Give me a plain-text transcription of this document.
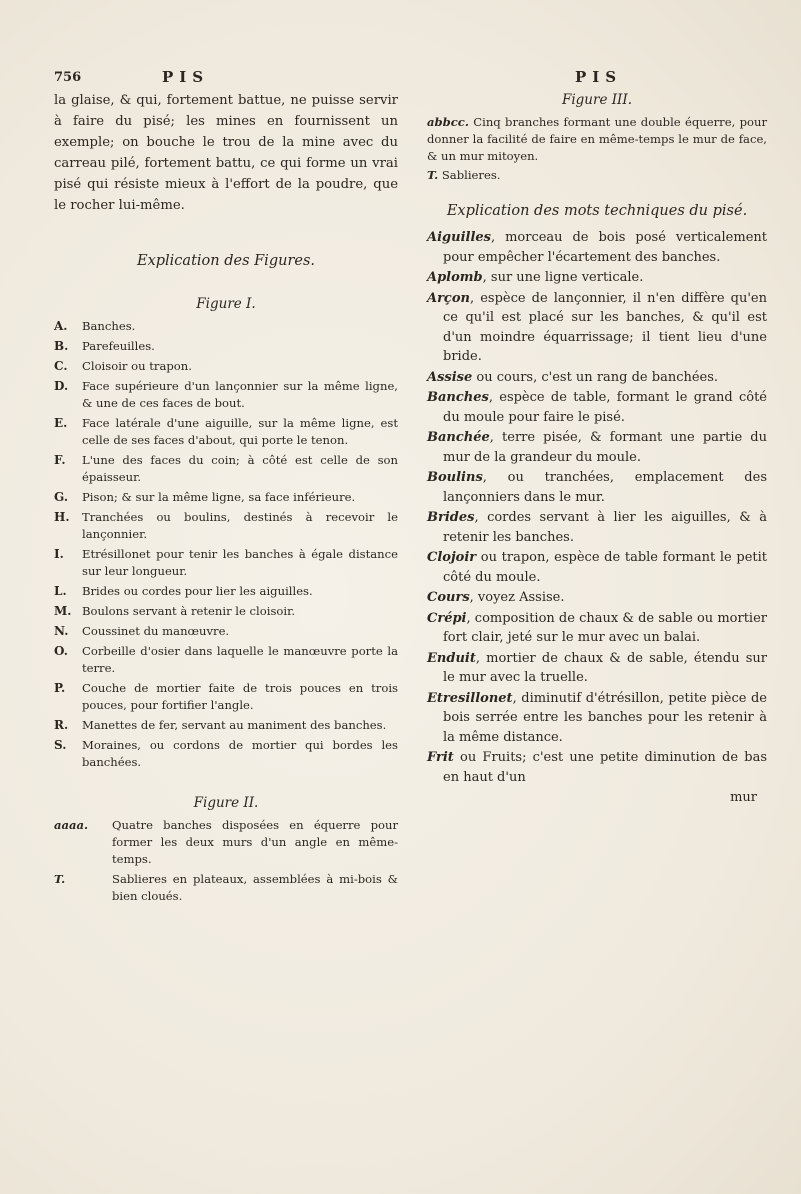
756	PIS	PIS

la glaise, & qui, fortement battue, ne puisse servir à faire du pisé; les mines en fournissent un exemple; on bouche le trou de la mine avec du carreau pilé, fortement battu, ce qui forme un vrai pisé qui résiste mieux à l'effort de la poudre, que le rocher lui-même.

Explication des Figures.
Figure I.
A.	Banches.
B.	Parefeuilles.
C.	Cloisoir ou trapon.
D.	Face supérieure d'un lançonnier sur la même ligne, & une de ces faces de bout.
E.	Face latérale d'une aiguille, sur la même ligne, est celle de ses faces d'about, qui porte le tenon.
F.	L'une des faces du coin; à côté est celle de son épaisseur.
G.	Pison; & sur la même ligne, sa face inférieure.
H.	Tranchées ou boulins, destinés à recevoir le lançonnier.
I.	Etrésillonet pour tenir les banches à égale distance sur leur longueur.
L.	Brides ou cordes pour lier les aiguilles.
M. Boulons servant à retenir le cloisoir.
N.	Coussinet du manœuvre.
O.	Corbeille d'osier dans laquelle le manœuvre porte la terre.
P.	Couche de mortier faite de trois pouces en trois pouces, pour fortifier l'angle.
R.	Manettes de fer, servant au maniment des banches.
S.	Moraines, ou cordons de mortier qui bordes les banchées.
Figure II.
aaaa.	Quatre banches disposées en équerre pour former les deux murs d'un angle en même-temps.
T.	Sablieres en plateaux, assemblées à mi-bois & bien cloués.
Figure III.
abbcc. Cinq branches formant une double équerre, pour donner la facilité de faire en même-temps le mur de face, & un mur mitoyen.
T. Sablieres.
Explication des mots techniques du pisé.
Aiguilles, morceau de bois posé verticalement pour empêcher l'écartement des banches.
Aplomb, sur une ligne verticale.
Arçon, espèce de lançonnier, il n'en diffère qu'en ce qu'il est placé sur les banches, & qu'il est d'un moindre équarrissage; il tient lieu d'une bride.
Assise ou cours, c'est un rang de banchées.
Banches, espèce de table, formant le grand côté du moule pour faire le pisé.
Banchée, terre pisée, & formant une partie du mur de la grandeur du moule.
Boulins, ou tranchées, emplacement des lançonniers dans le mur.
Brides, cordes servant à lier les aiguilles, & à retenir les banches.
Clojoir ou trapon, espèce de table formant le petit côté du moule.
Cours, voyez Assise.
Crépi, composition de chaux & de sable ou mortier fort clair, jeté sur le mur avec un balai.
Enduit, mortier de chaux & de sable, étendu sur le mur avec la truelle.
Etresillonet, diminutif d'étrésillon, petite pièce de bois serrée entre les banches pour les retenir à la même distance.
Frit ou Fruits; c'est une petite diminution de bas en haut d'un
mur
